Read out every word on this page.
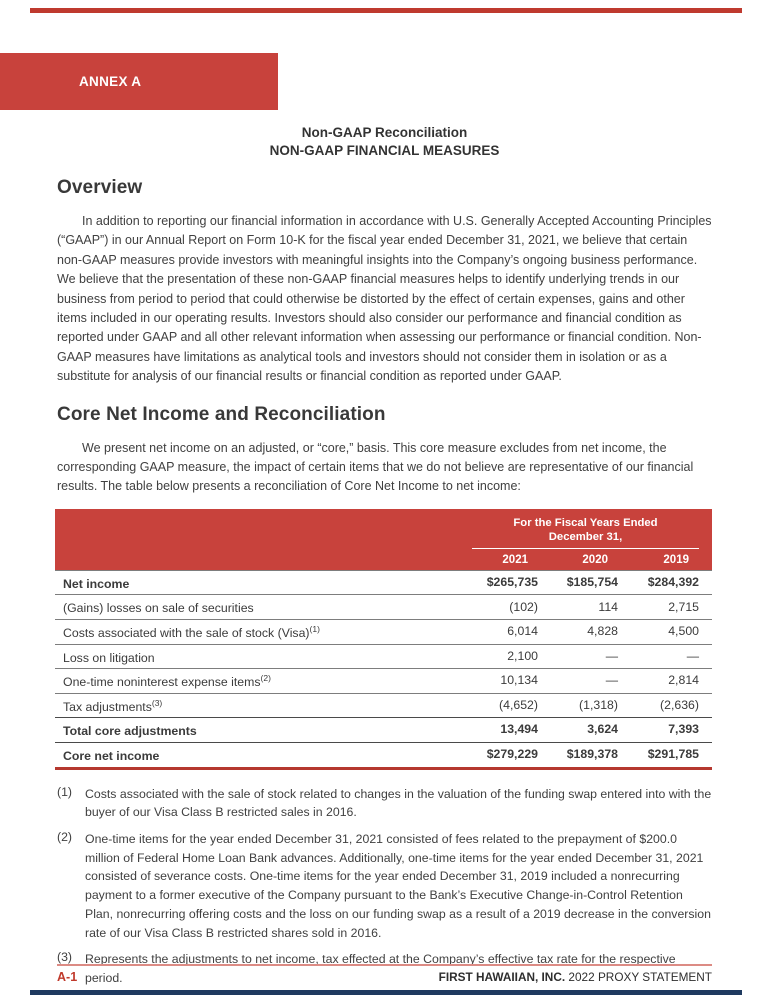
ANNEX A
Non-GAAP Reconciliation
NON-GAAP FINANCIAL MEASURES
Overview

In addition to reporting our financial information in accordance with U.S. Generally Accepted Accounting Principles (“GAAP”) in our Annual Report on Form 10-K for the fiscal year ended December 31, 2021, we believe that certain non-GAAP measures provide investors with meaningful insights into the Company’s ongoing business performance. We believe that the presentation of these non-GAAP financial measures helps to identify underlying trends in our business from period to period that could otherwise be distorted by the effect of certain expenses, gains and other items included in our operating results. Investors should also consider our performance and financial condition as reported under GAAP and all other relevant information when assessing our performance or financial condition. Non-GAAP measures have limitations as analytical tools and investors should not consider them in isolation or as a substitute for analysis of our financial results or financial condition as reported under GAAP.

Core Net Income and Reconciliation

We present net income on an adjusted, or “core,” basis. This core measure excludes from net income, the corresponding GAAP measure, the impact of certain items that we do not believe are representative of our financial results. The table below presents a reconciliation of Core Net Income to net income:

For the Fiscal Years Ended
December 31,
2021	2020	2019
Net income	$265,735	$185,754	$284,392
(Gains) losses on sale of securities	(102)	114	2,715
Costs associated with the sale of stock (Visa)$^{(1)}$	6,014	4,828	4,500
Loss on litigation	2,100	—	—
One-time noninterest expense items$^{(2)}$	10,134	—	2,814
Tax adjustments$^{(3)}$	(4,652)	(1,318)	(2,636)
Total core adjustments	13,494	3,624	7,393
Core net income	$279,229	$189,378	$291,785
(1)	Costs associated with the sale of stock related to changes in the valuation of the funding swap entered into with the buyer of our Visa Class B restricted sales in 2016.
(2)	One-time items for the year ended December 31, 2021 consisted of fees related to the prepayment of $200.0 million of Federal Home Loan Bank advances. Additionally, one-time items for the year ended December 31, 2021 consisted of severance costs. One-time items for the year ended December 31, 2019 included a nonrecurring payment to a former executive of the Company pursuant to the Bank’s Executive Change-in-Control Retention Plan, nonrecurring offering costs and the loss on our funding swap as a result of a 2019 decrease in the conversion rate of our Visa Class B restricted shares sold in 2016.
(3)	Represents the adjustments to net income, tax effected at the Company’s effective tax rate for the respective period.
A-1	FIRST HAWAIIAN, INC. 2022 PROXY STATEMENT
